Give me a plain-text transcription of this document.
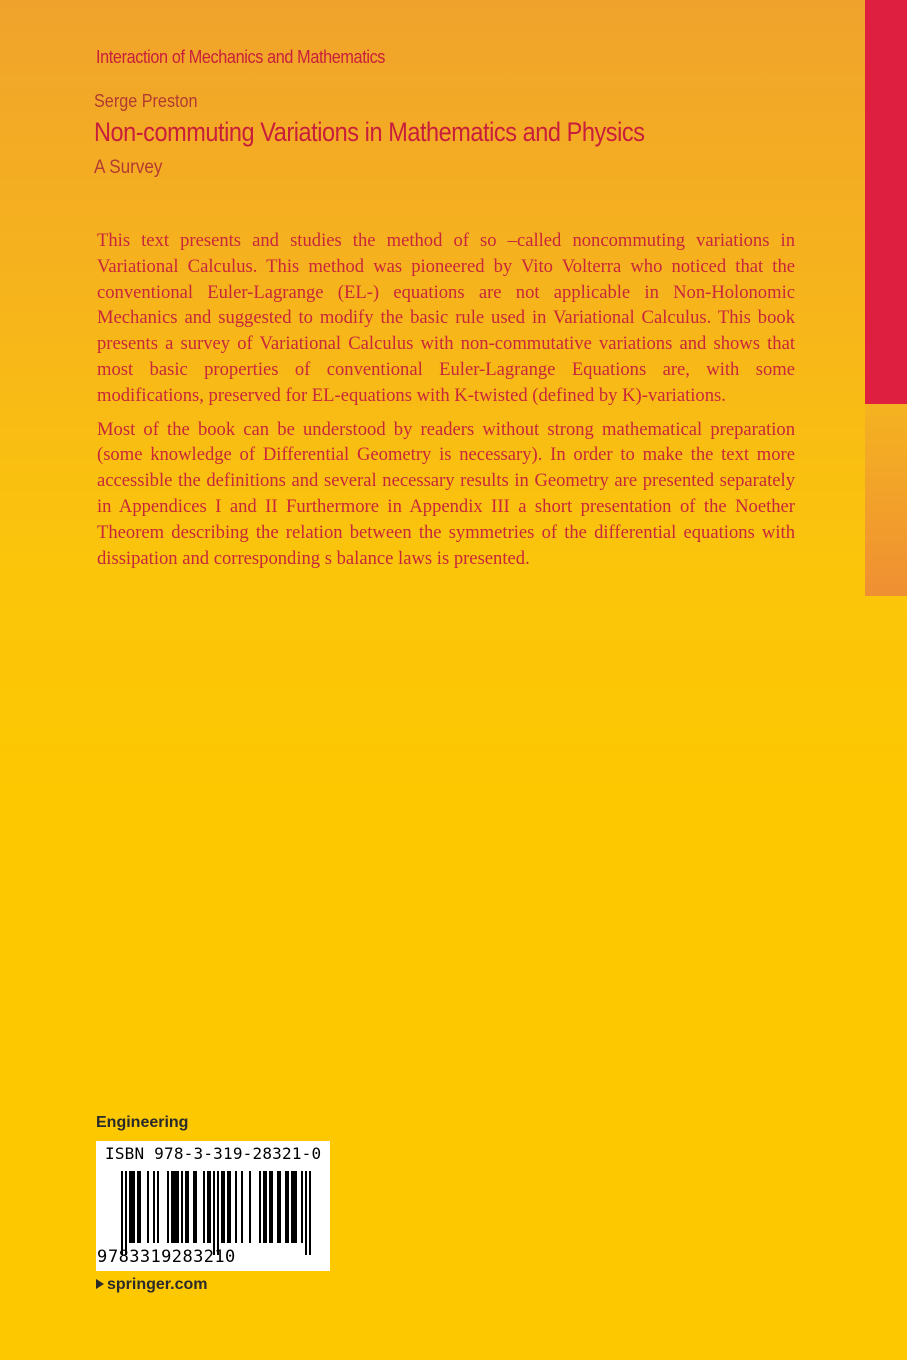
Interaction of Mechanics and Mathematics
Serge Preston
Non-commuting Variations in Mathematics and Physics
A Survey

This text presents and studies the method of so –called noncommuting variations in Variational Calculus. This method was pioneered by Vito Volterra who noticed that the conventional Euler-Lagrange (EL-) equations are not applicable in Non-Holonomic Mechanics and suggested to modify the basic rule used in Variational Calculus. This book presents a survey of Variational Calculus with non-commutative variations and shows that most basic properties of conventional Euler-Lagrange Equations are, with some modifications, preserved for EL-equations with K-twisted (defined by K)-variations.

Most of the book can be understood by readers without strong mathematical preparation (some knowledge of Differential Geometry is necessary). In order to make the text more accessible the definitions and several necessary results in Geometry are presented separately in Appendices I and II Furthermore in Appendix III a short presentation of the Noether Theorem describing the relation between the symmetries of the differential equations with dissipation and corresponding s balance laws is presented.

Engineering
ISBN 978-3-319-28321-0
9 783319283210
springer.com
